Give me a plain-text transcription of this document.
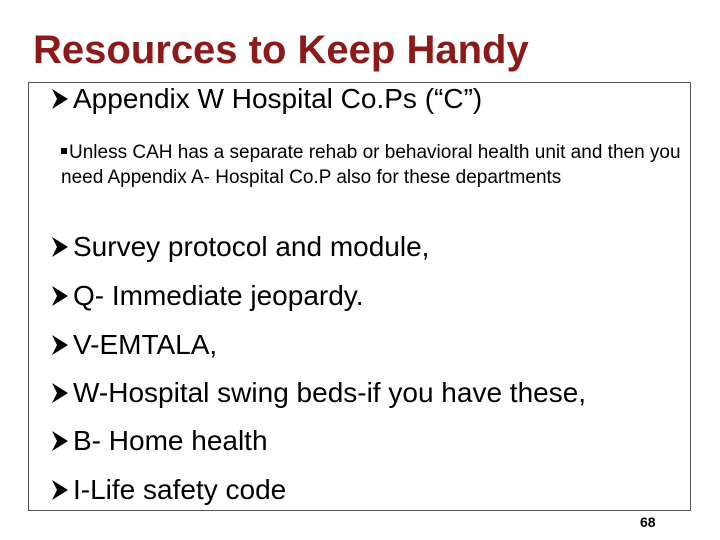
Resources to Keep Handy
Appendix W Hospital Co.Ps (“C”)
Unless CAH has a separate rehab or behavioral health unit and then you need Appendix A- Hospital Co.P also for these departments
Survey protocol and module,
Q- Immediate jeopardy.
V-EMTALA,
W-Hospital swing beds-if you have these,
B- Home health
I-Life safety code
68
